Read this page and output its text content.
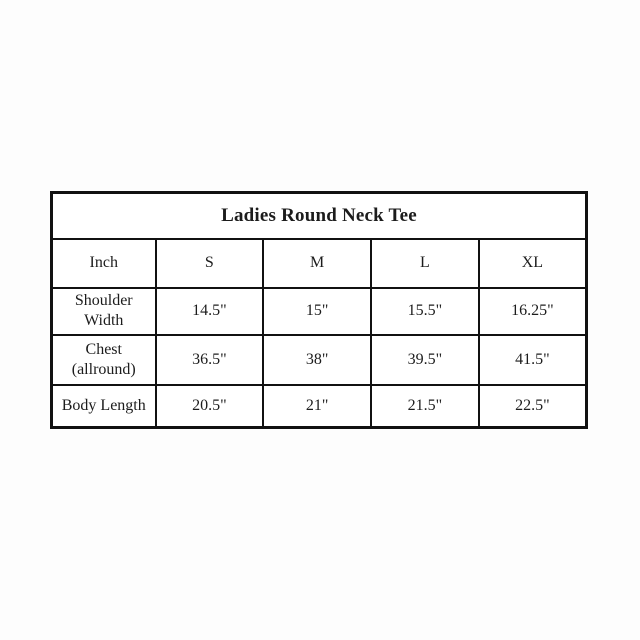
Ladies Round Neck Tee				
Inch	S	M	L	XL
Shoulder Width	14.5"	15"	15.5"	16.25"
Chest (allround)	36.5"	38"	39.5"	41.5"
Body Length	20.5"	21"	21.5"	22.5"
